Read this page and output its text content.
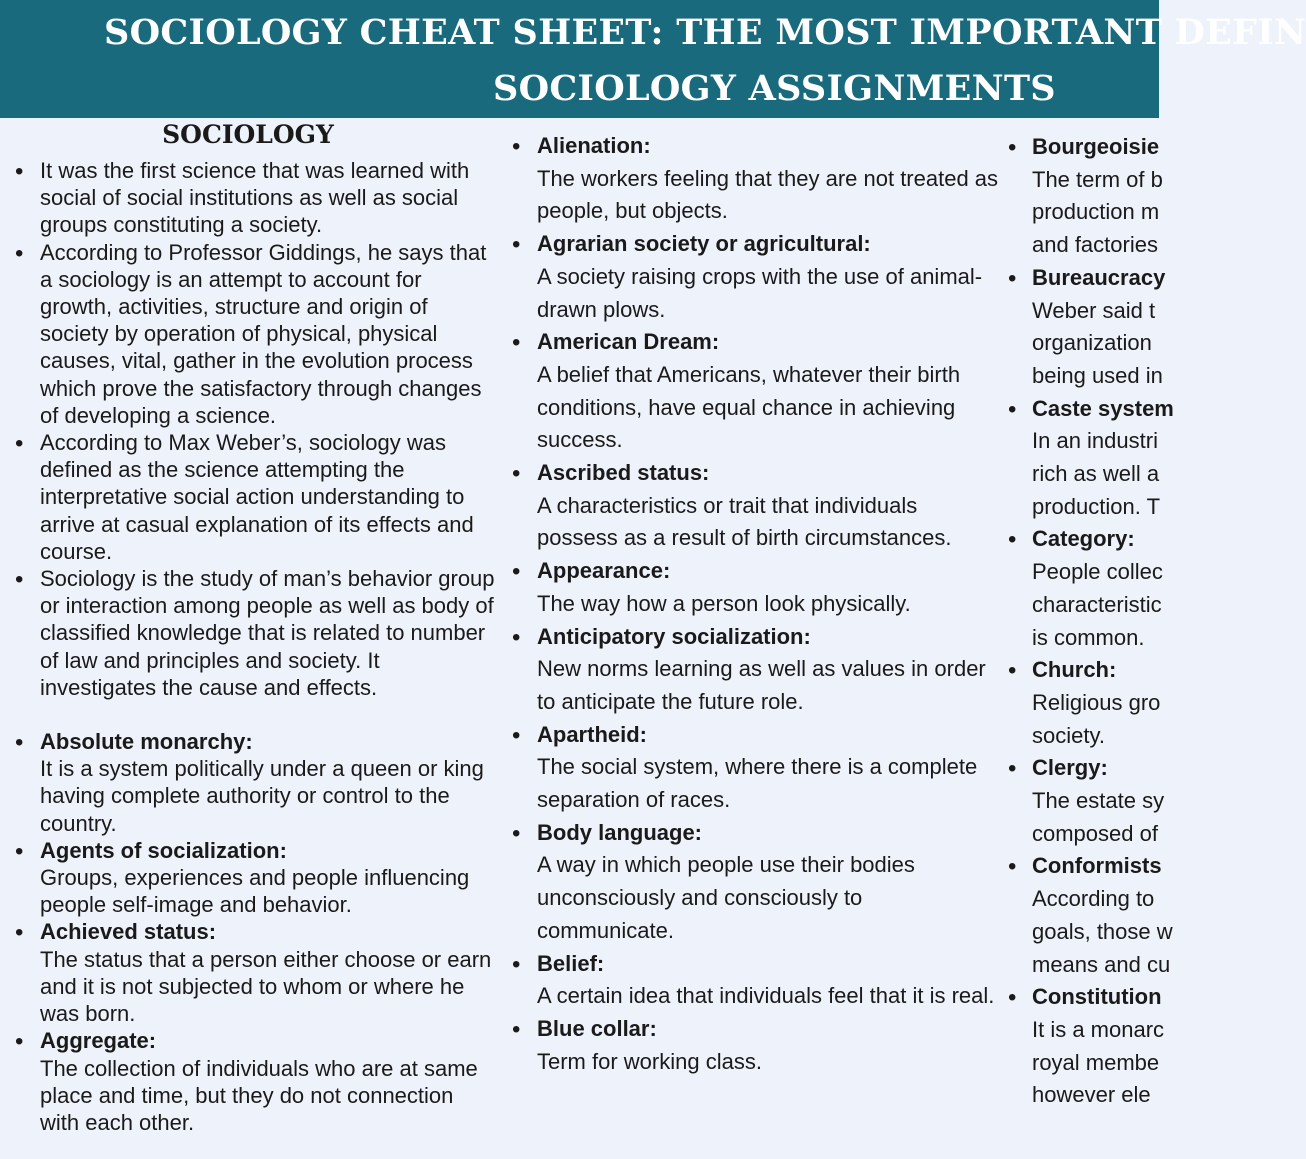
SOCIOLOGY CHEAT SHEET: THE MOST IMPORTANT DEFIN
SOCIOLOGY ASSIGNMENTS
SOCIOLOGY
• It was the first science that was learned with social of social institutions as well as social groups constituting a society.
• According to Professor Giddings, he says that a sociology is an attempt to account for growth, activities, structure and origin of society by operation of physical, physical causes, vital, gather in the evolution process which prove the satisfactory through changes of developing a science.
• According to Max Weber’s, sociology was defined as the science attempting the interpretative social action understanding to arrive at casual explanation of its effects and course.
• Sociology is the study of man’s behavior group or interaction among people as well as body of classified knowledge that is related to number of law and principles and society. It investigates the cause and effects.
• Absolute monarchy:
It is a system politically under a queen or king having complete authority or control to the country.
• Agents of socialization:
Groups, experiences and people influencing people self-image and behavior.
• Achieved status:
The status that a person either choose or earn and it is not subjected to whom or where he was born.
• Aggregate:
The collection of individuals who are at same place and time, but they do not connection with each other.
• Alienation:
The workers feeling that they are not treated as people, but objects.
• Agrarian society or agricultural:
A society raising crops with the use of animal-drawn plows.
• American Dream:
A belief that Americans, whatever their birth conditions, have equal chance in achieving success.
• Ascribed status:
A characteristics or trait that individuals possess as a result of birth circumstances.
• Appearance:
The way how a person look physically.
• Anticipatory socialization:
New norms learning as well as values in order to anticipate the future role.
• Apartheid:
The social system, where there is a complete separation of races.
• Body language:
A way in which people use their bodies unconsciously and consciously to communicate.
• Belief:
A certain idea that individuals feel that it is real.
• Blue collar:
Term for working class.
• Bourgeoisie
The term of b
production m
and factories
• Bureaucracy
Weber said t
organization
being used in
• Caste system
In an industri
rich as well a
production. T
• Category:
People collec
characteristic
is common.
• Church:
Religious gro
society.
• Clergy:
The estate sy
composed of
• Conformists
According to
goals, those w
means and cu
• Constitution
It is a monarc
royal membe
however ele
